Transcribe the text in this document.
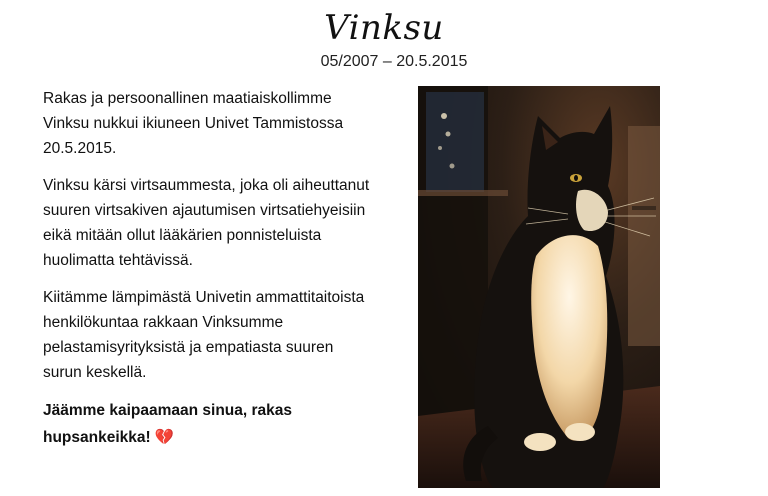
Vinksu
05/2007 – 20.5.2015

Rakas ja persoonallinen maatiaiskollimme Vinksu nukkui ikiuneen Univet Tammistossa 20.5.2015.

Vinksu kärsi virtsaummesta, joka oli aiheuttanut suuren virtsakiven ajautumisen virtsatiehyeisiin eikä mitään ollut lääkärien ponnisteluista huolimatta tehtävissä.

Kiitämme lämpimästä Univetin ammattitaitoista henkilökuntaa rakkaan Vinksumme pelastamisyrityksistä ja empatiasta suuren surun keskellä.

Jäämme kaipaamaan sinua, rakas hupsankeikka! 💔
